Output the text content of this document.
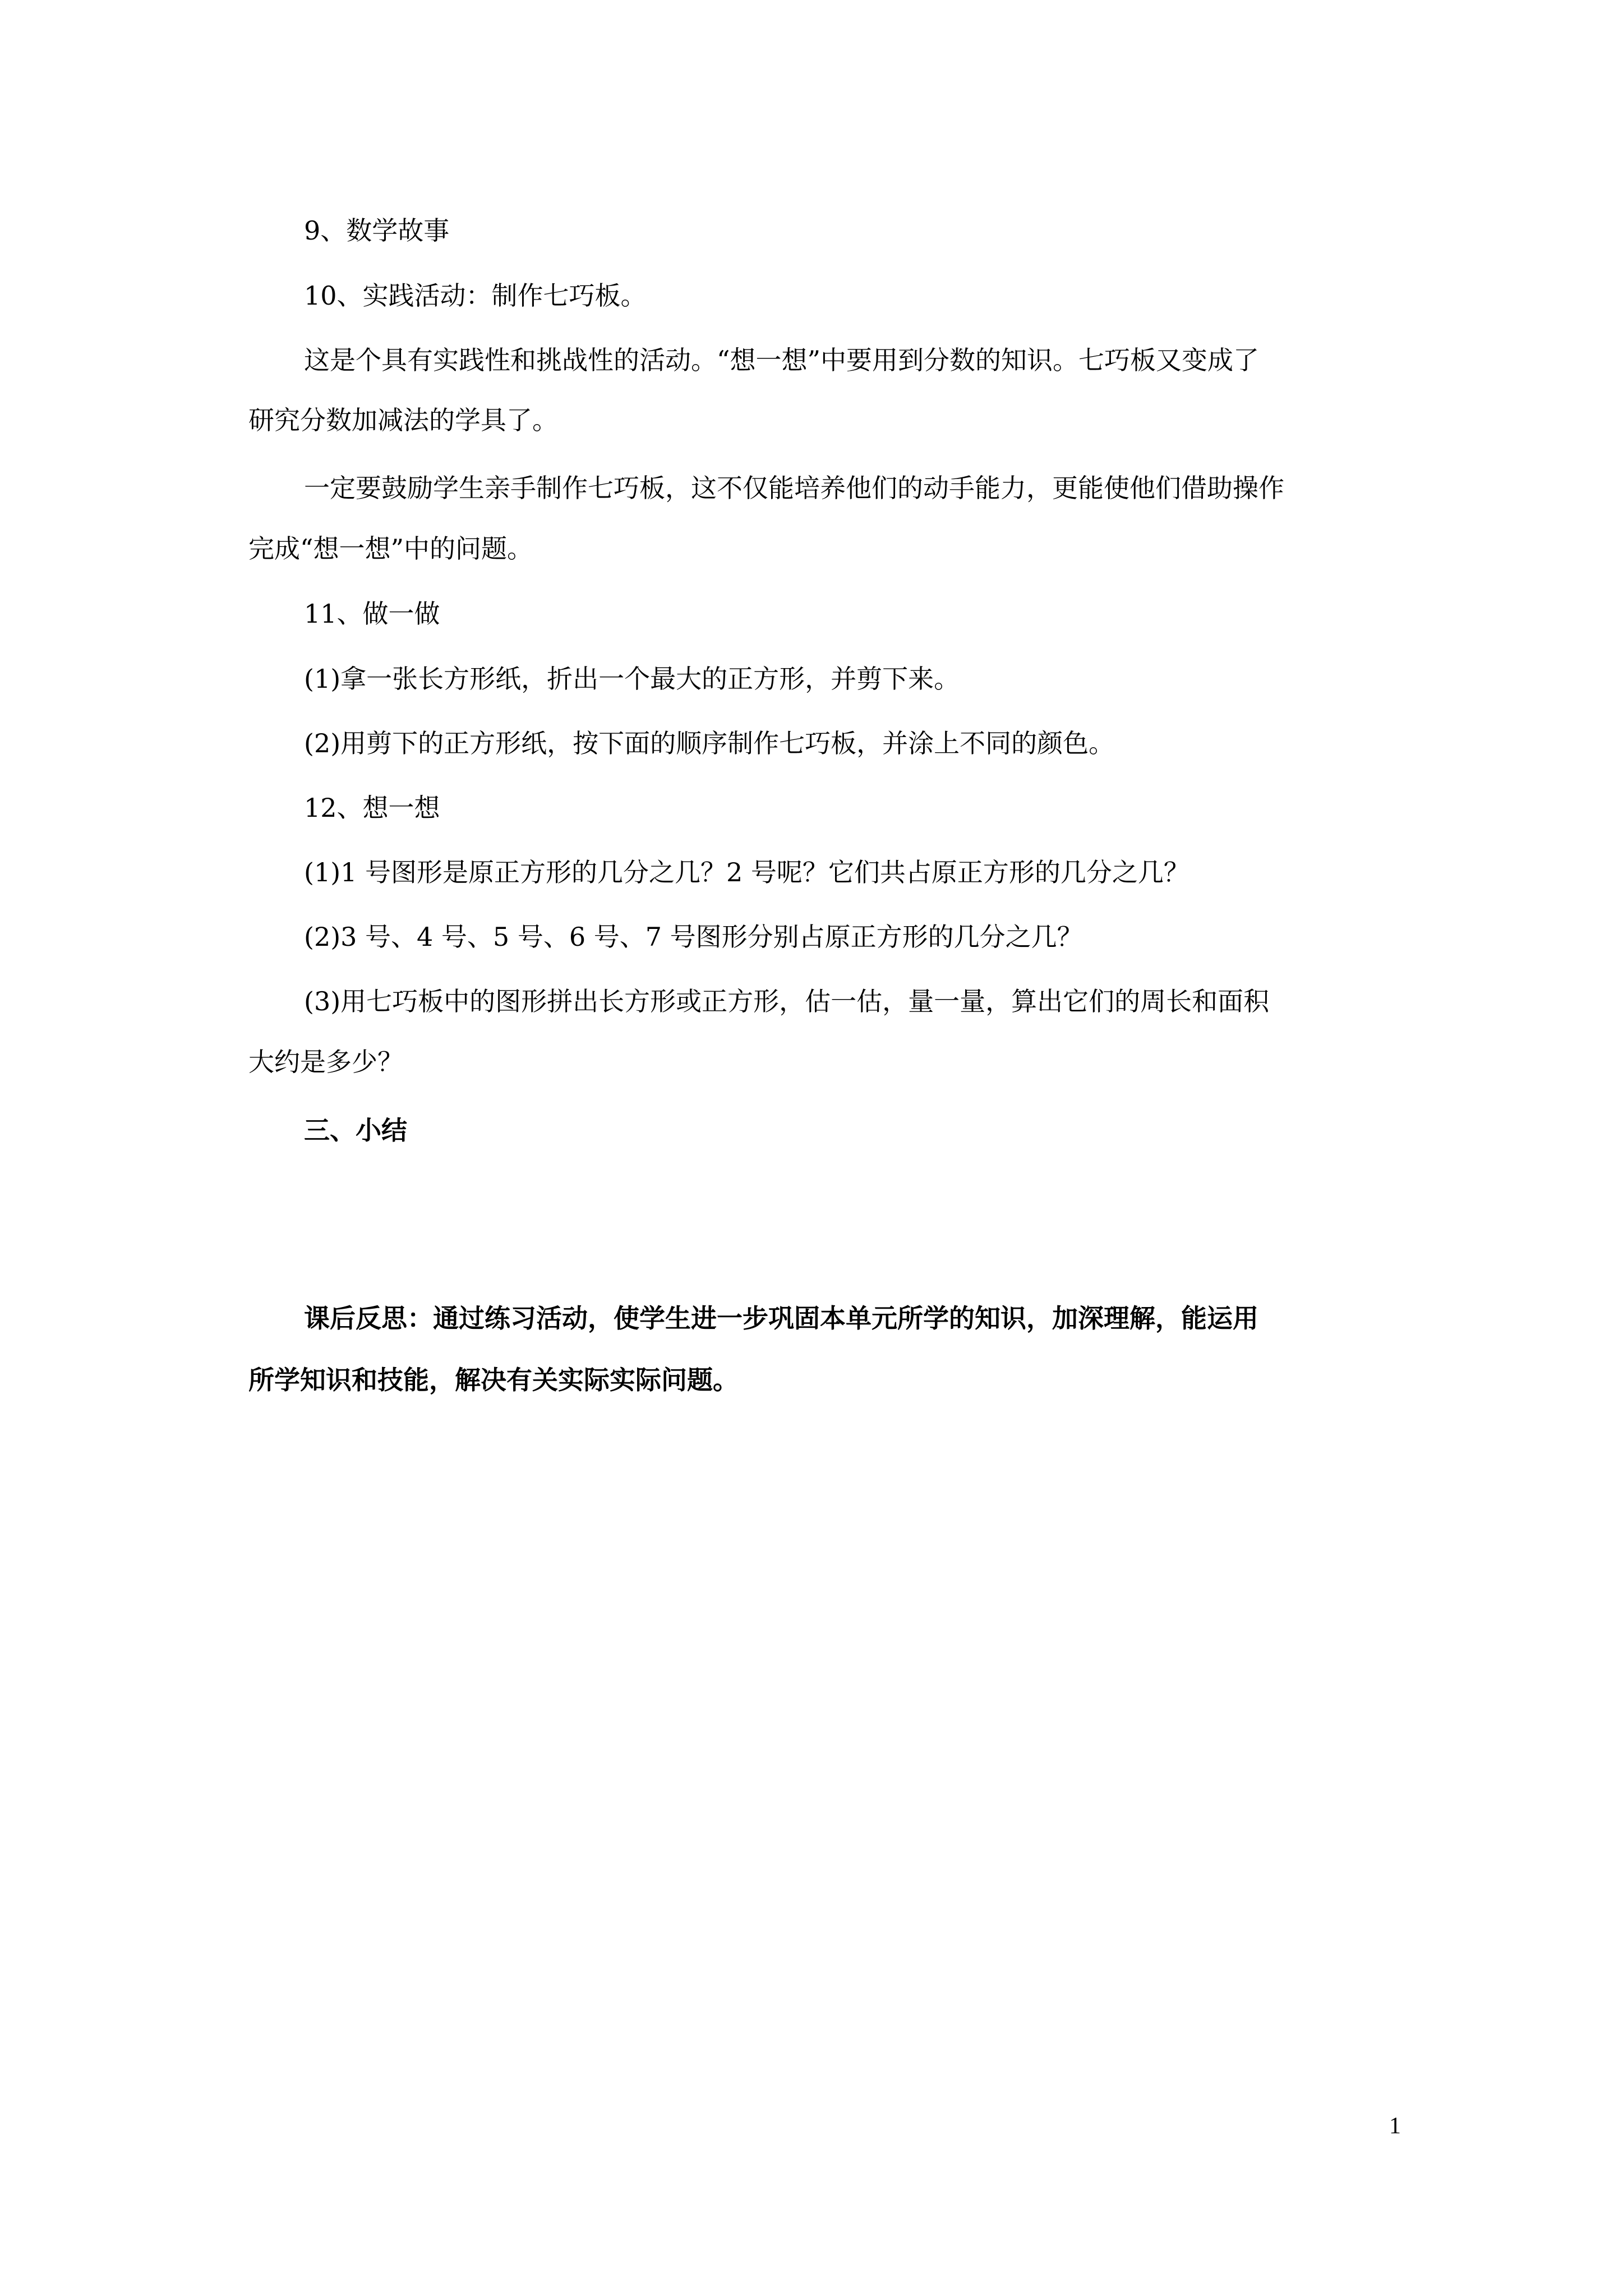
9、数学故事
10、实践活动：制作七巧板。
这是个具有实践性和挑战性的活动。“想一想”中要用到分数的知识。七巧板又变成了
研究分数加减法的学具了。
一定要鼓励学生亲手制作七巧板，这不仅能培养他们的动手能力，更能使他们借助操作
完成“想一想”中的问题。
11、做一做
(1)拿一张长方形纸，折出一个最大的正方形，并剪下来。
(2)用剪下的正方形纸，按下面的顺序制作七巧板，并涂上不同的颜色。
12、想一想
(1)1 号图形是原正方形的几分之几？2 号呢？它们共占原正方形的几分之几？
(2)3 号、4 号、5 号、6 号、7 号图形分别占原正方形的几分之几？
(3)用七巧板中的图形拼出长方形或正方形，估一估，量一量，算出它们的周长和面积
大约是多少？
三、小结
课后反思：通过练习活动，使学生进一步巩固本单元所学的知识，加深理解，能运用
所学知识和技能，解决有关实际实际问题。
1
